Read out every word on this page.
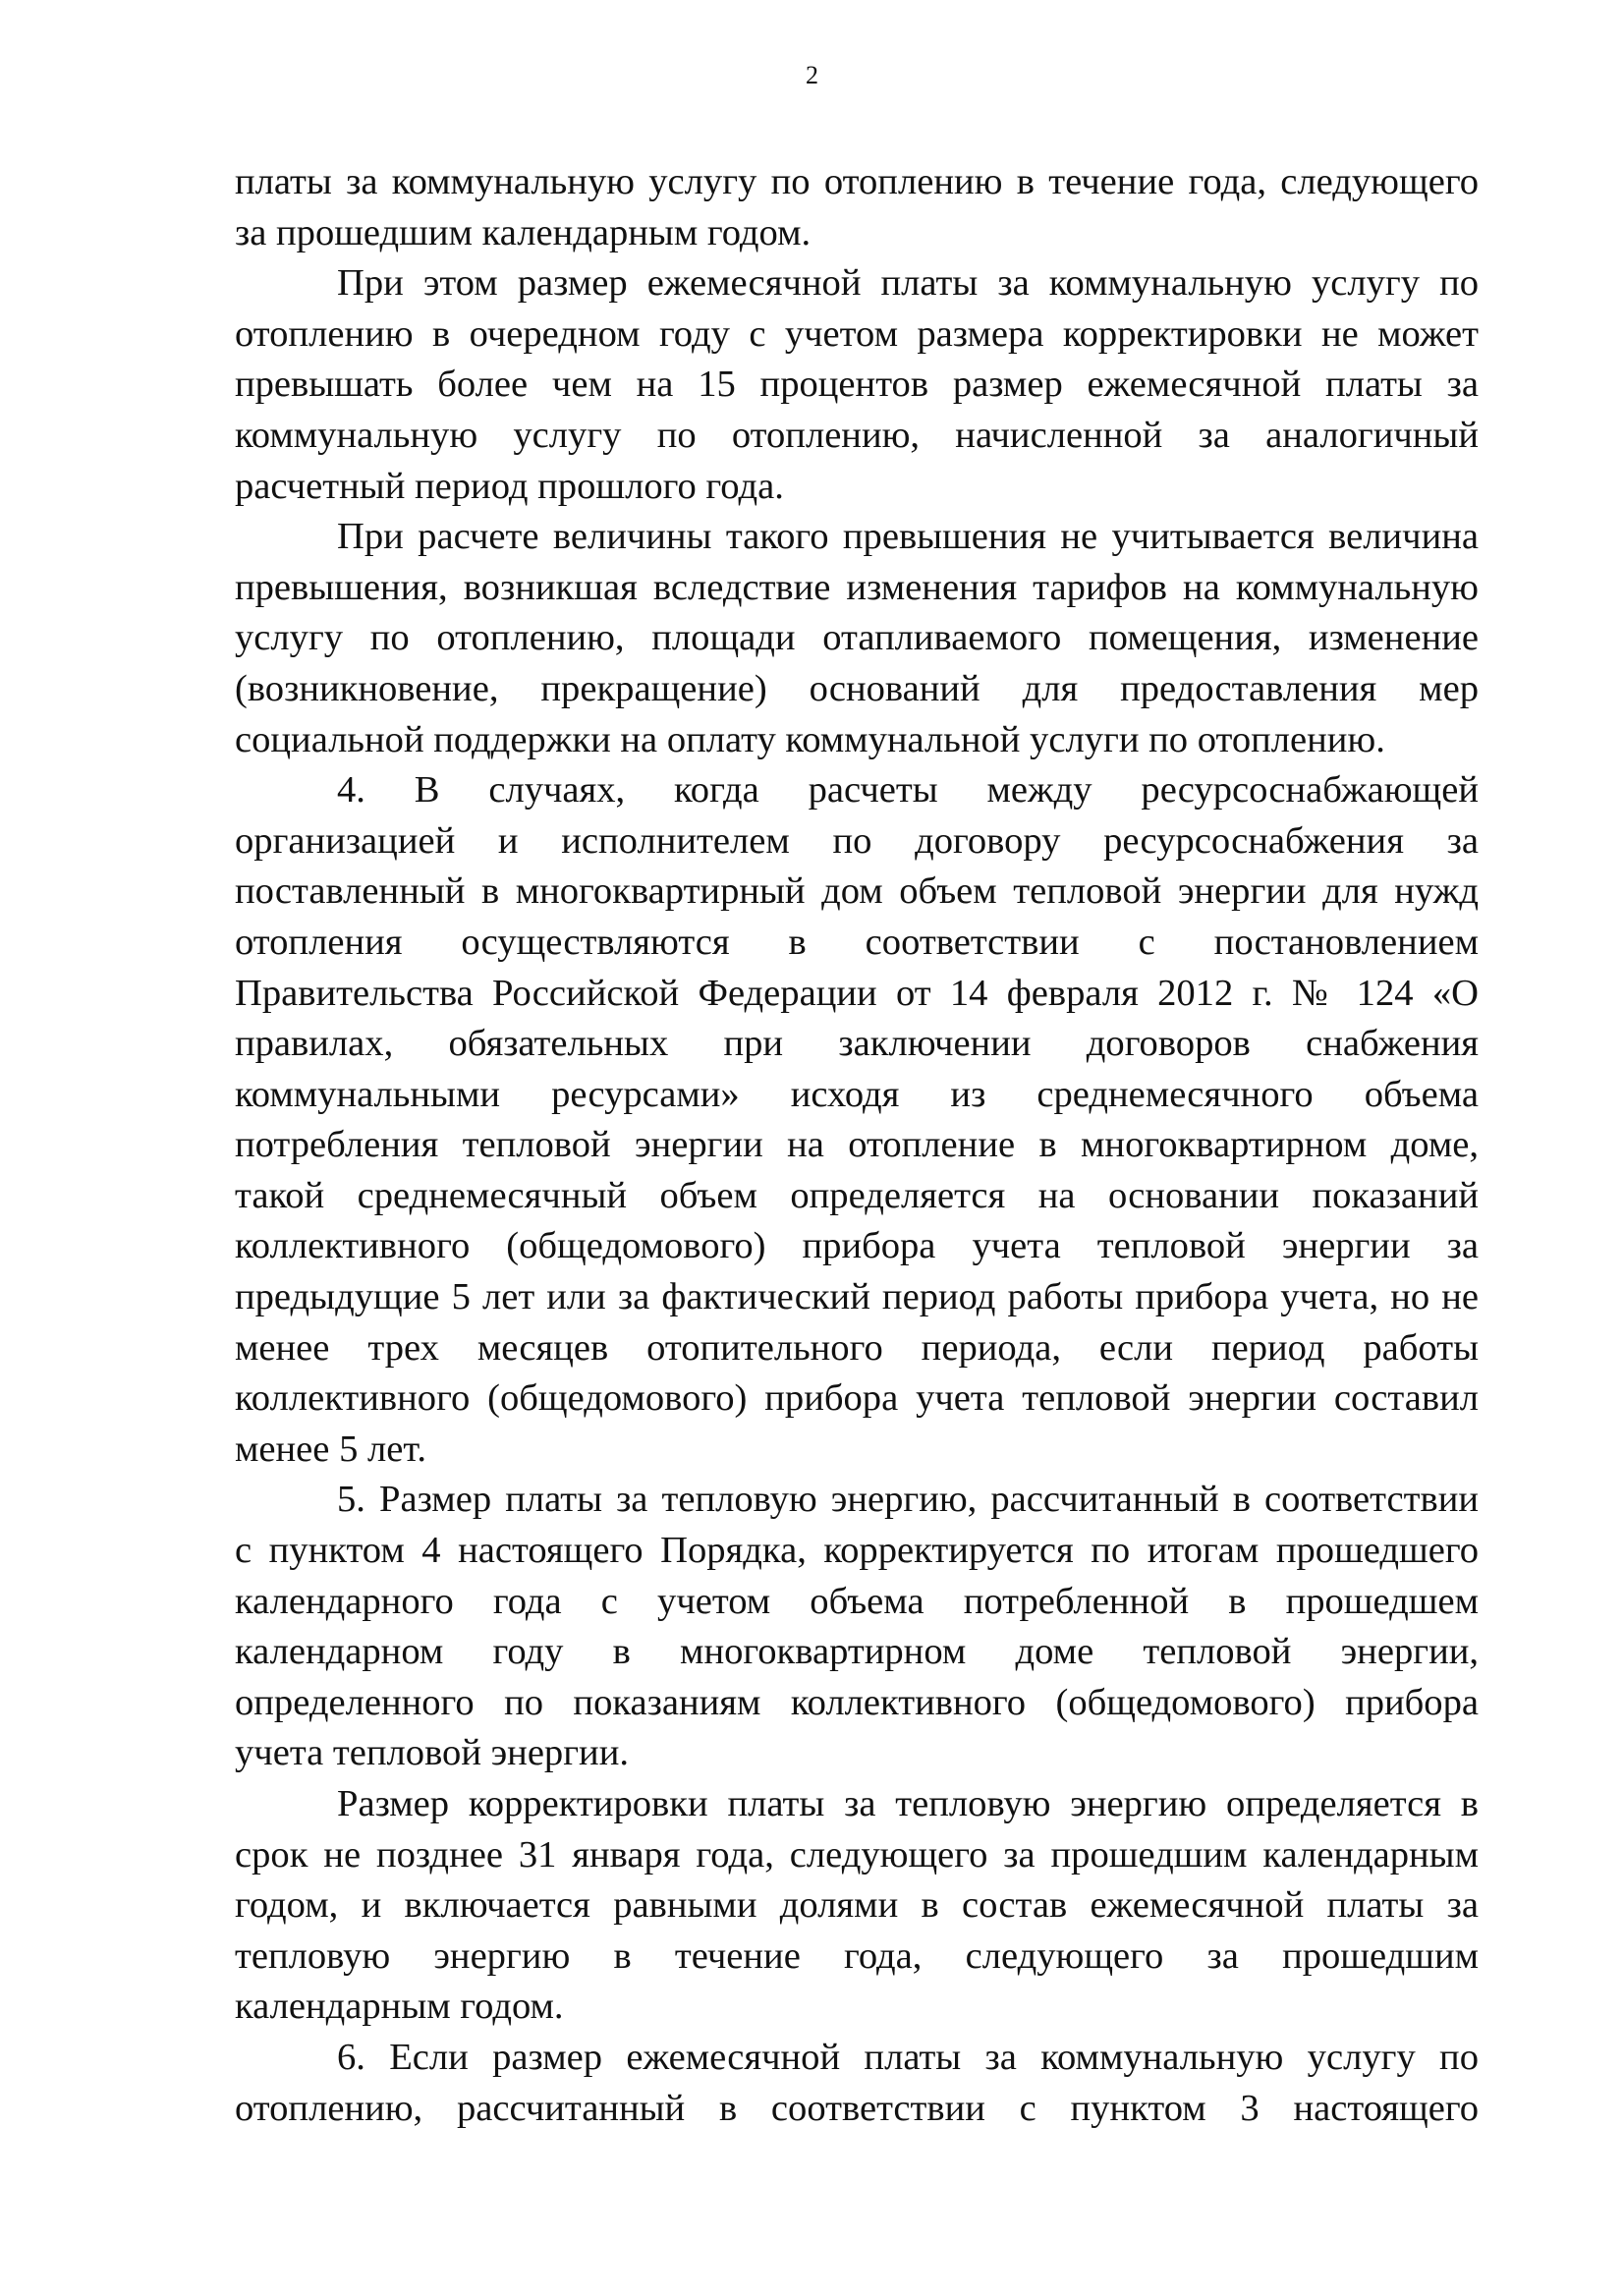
2

платы за коммунальную услугу по отоплению в течение года, следующего
за прошедшим календарным годом.

При этом размер ежемесячной платы за коммунальную услугу по
отоплению в очередном году с учетом размера корректировки не может
превышать более чем на 15 процентов размер ежемесячной платы за
коммунальную услугу по отоплению, начисленной за аналогичный
расчетный период прошлого года.

При расчете величины такого превышения не учитывается величина
превышения, возникшая вследствие изменения тарифов на коммунальную
услугу по отоплению, площади отапливаемого помещения, изменение
(возникновение, прекращение) оснований для предоставления мер
социальной поддержки на оплату коммунальной услуги по отоплению.

4. В случаях, когда расчеты между ресурсоснабжающей
организацией и исполнителем по договору ресурсоснабжения за
поставленный в многоквартирный дом объем тепловой энергии для нужд
отопления осуществляются в соответствии с постановлением
Правительства Российской Федерации от 14 февраля 2012 г. № 124 «О
правилах, обязательных при заключении договоров снабжения
коммунальными ресурсами» исходя из среднемесячного объема
потребления тепловой энергии на отопление в многоквартирном доме,
такой среднемесячный объем определяется на основании показаний
коллективного (общедомового) прибора учета тепловой энергии за
предыдущие 5 лет или за фактический период работы прибора учета, но не
менее трех месяцев отопительного периода, если период работы
коллективного (общедомового) прибора учета тепловой энергии составил
менее 5 лет.

5. Размер платы за тепловую энергию, рассчитанный в соответствии
с пунктом 4 настоящего Порядка, корректируется по итогам прошедшего
календарного года с учетом объема потребленной в прошедшем
календарном году в многоквартирном доме тепловой энергии,
определенного по показаниям коллективного (общедомового) прибора
учета тепловой энергии.

Размер корректировки платы за тепловую энергию определяется в
срок не позднее 31 января года, следующего за прошедшим календарным
годом, и включается равными долями в состав ежемесячной платы за
тепловую энергию в течение года, следующего за прошедшим
календарным годом.

6. Если размер ежемесячной платы за коммунальную услугу по
отоплению, рассчитанный в соответствии с пунктом 3 настоящего
